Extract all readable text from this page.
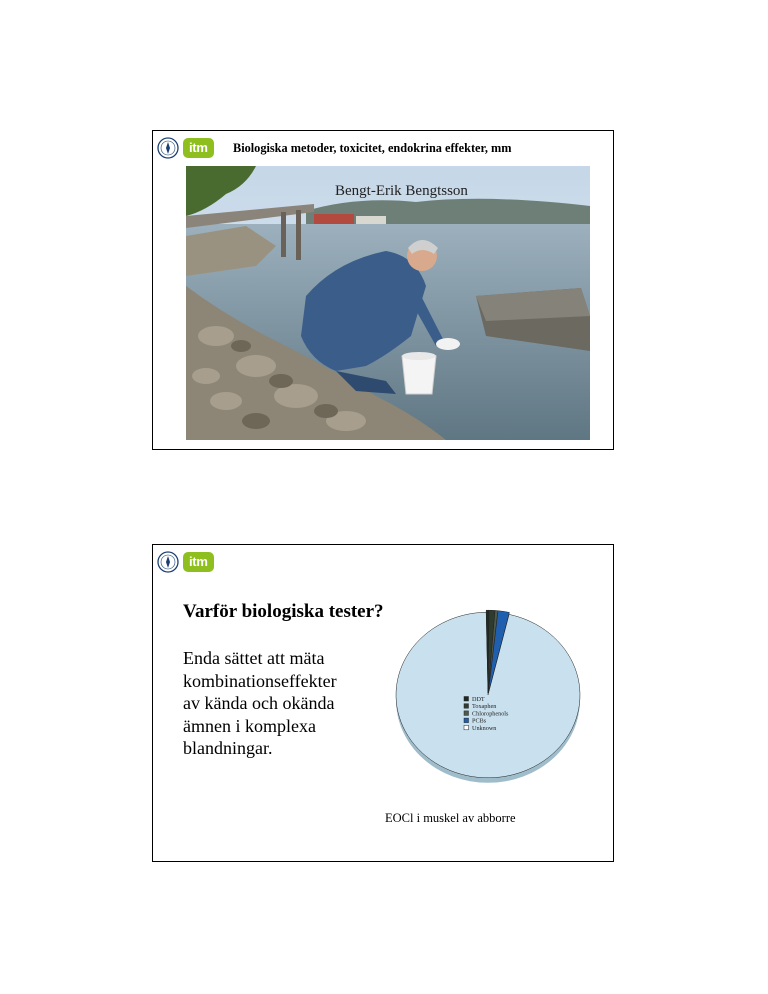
itm	Biologiska metoder, toxicitet, endokrina effekter, mm
Bengt-Erik Bengtsson
itm
Varför biologiska tester?
Enda sättet att mäta
kombinationseffekter
av kända och okända
ämnen i komplexa
blandningar.
DDT
Toxaphen
Chlorophenols
PCBs
Unknown
EOCl i muskel av abborre
